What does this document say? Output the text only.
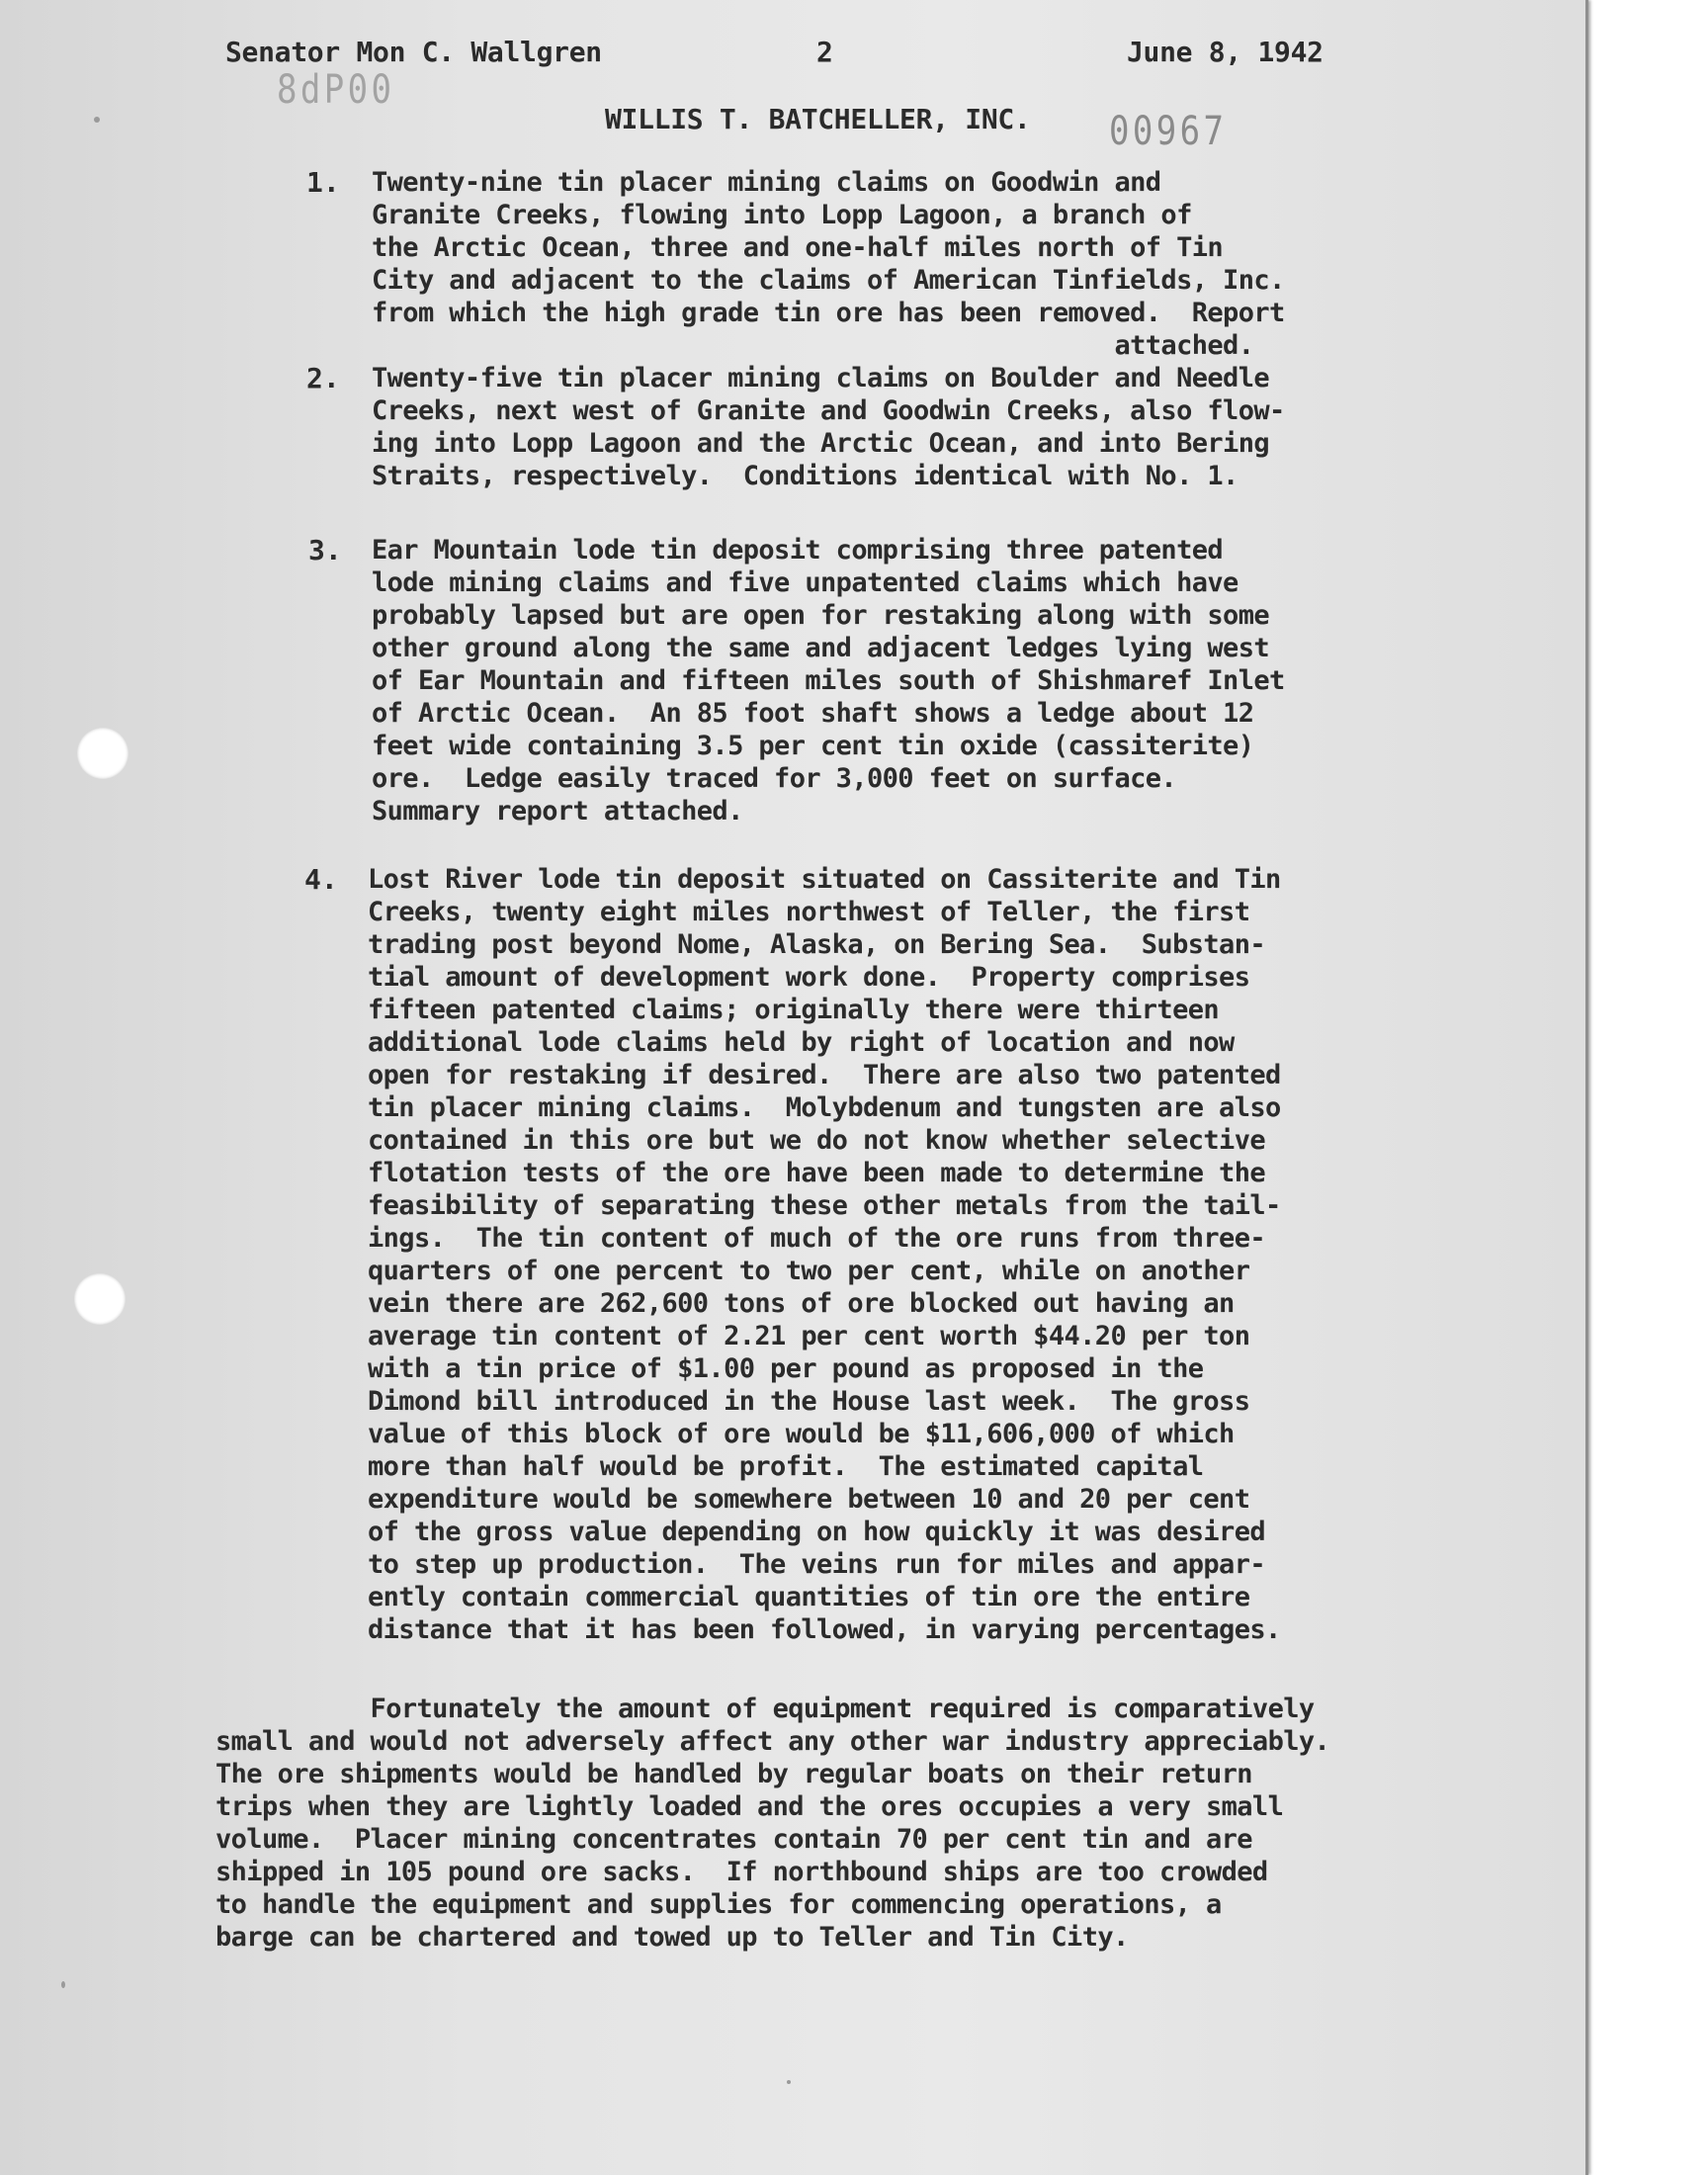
Senator Mon C. Wallgren	2	June 8, 1942
8dP00
WILLIS T. BATCHELLER, INC. 00967
1. Twenty-nine tin placer mining claims on Goodwin and
Granite Creeks, flowing into Lopp Lagoon, a branch of
the Arctic Ocean, three and one-half miles north of Tin
City and adjacent to the claims of American Tinfields, Inc.
from which the high grade tin ore has been removed.  Report
attached.
2. Twenty-five tin placer mining claims on Boulder and Needle
Creeks, next west of Granite and Goodwin Creeks, also flow-
ing into Lopp Lagoon and the Arctic Ocean, and into Bering
Straits, respectively.  Conditions identical with No. 1.
3. Ear Mountain lode tin deposit comprising three patented
lode mining claims and five unpatented claims which have
probably lapsed but are open for restaking along with some
other ground along the same and adjacent ledges lying west
of Ear Mountain and fifteen miles south of Shishmaref Inlet
of Arctic Ocean.  An 85 foot shaft shows a ledge about 12
feet wide containing 3.5 per cent tin oxide (cassiterite)
ore.  Ledge easily traced for 3,000 feet on surface.
Summary report attached.
4. Lost River lode tin deposit situated on Cassiterite and Tin
Creeks, twenty eight miles northwest of Teller, the first
trading post beyond Nome, Alaska, on Bering Sea.  Substan-
tial amount of development work done.  Property comprises
fifteen patented claims; originally there were thirteen
additional lode claims held by right of location and now
open for restaking if desired.  There are also two patented
tin placer mining claims.  Molybdenum and tungsten are also
contained in this ore but we do not know whether selective
flotation tests of the ore have been made to determine the
feasibility of separating these other metals from the tail-
ings.  The tin content of much of the ore runs from three-
quarters of one percent to two per cent, while on another
vein there are 262,600 tons of ore blocked out having an
average tin content of 2.21 per cent worth $44.20 per ton
with a tin price of $1.00 per pound as proposed in the
Dimond bill introduced in the House last week.  The gross
value of this block of ore would be $11,606,000 of which
more than half would be profit.  The estimated capital
expenditure would be somewhere between 10 and 20 per cent
of the gross value depending on how quickly it was desired
to step up production.  The veins run for miles and appar-
ently contain commercial quantities of tin ore the entire
distance that it has been followed, in varying percentages.
Fortunately the amount of equipment required is comparatively
small and would not adversely affect any other war industry appreciably.
The ore shipments would be handled by regular boats on their return
trips when they are lightly loaded and the ores occupies a very small
volume.  Placer mining concentrates contain 70 per cent tin and are
shipped in 105 pound ore sacks.  If northbound ships are too crowded
to handle the equipment and supplies for commencing operations, a
barge can be chartered and towed up to Teller and Tin City.
